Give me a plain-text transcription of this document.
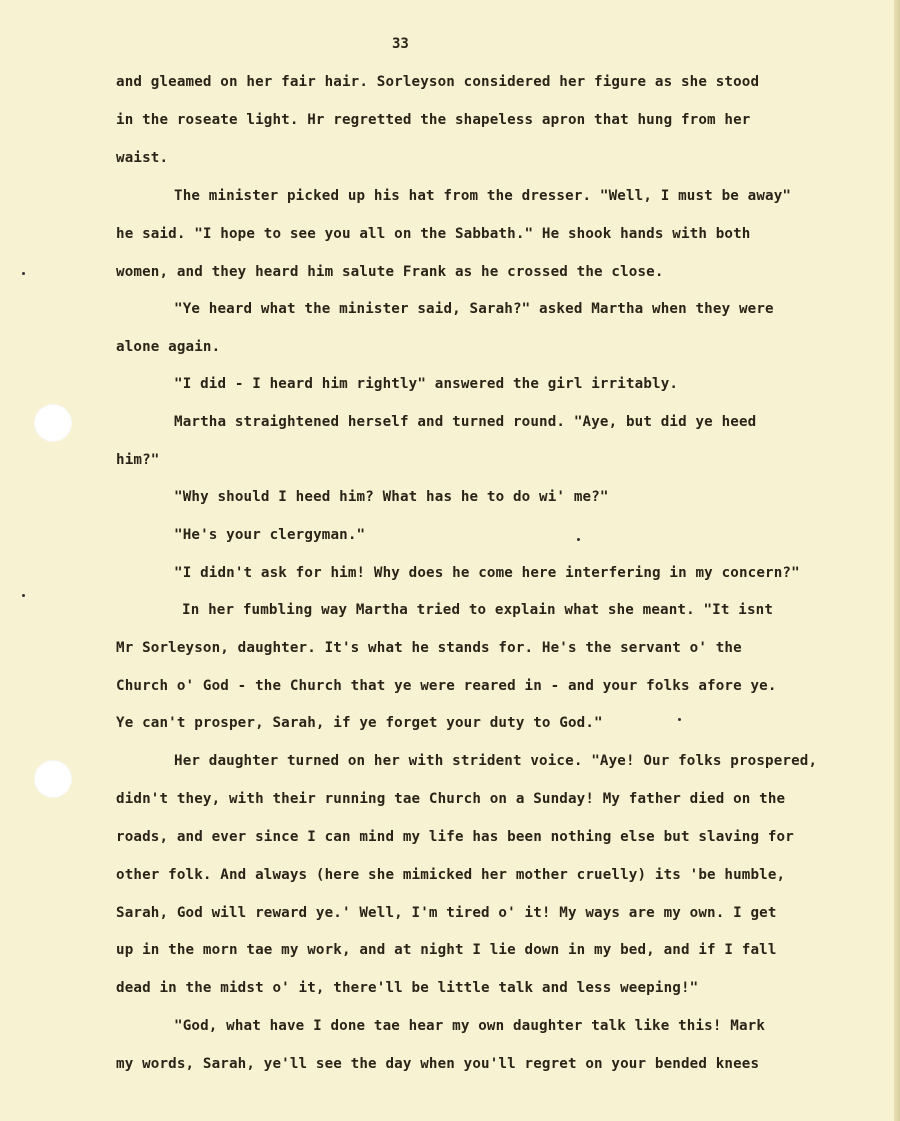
33
and gleamed on her fair hair. Sorleyson considered her figure as she stood
in the roseate light. Hr regretted the shapeless apron that hung from her
waist.
The minister picked up his hat from the dresser. "Well, I must be away"
he said. "I hope to see you all on the Sabbath." He shook hands with both
women, and they heard him salute Frank as he crossed the close.
"Ye heard what the minister said, Sarah?" asked Martha when they were
alone again.
"I did - I heard him rightly" answered the girl irritably.
Martha straightened herself and turned round. "Aye, but did ye heed
him?"
"Why should I heed him? What has he to do wi' me?"
"He's your clergyman."
"I didn't ask for him! Why does he come here interfering in my concern?"
In her fumbling way Martha tried to explain what she meant. "It isnt
Mr Sorleyson, daughter. It's what he stands for. He's the servant o' the
Church o' God - the Church that ye were reared in - and your folks afore ye.
Ye can't prosper, Sarah, if ye forget your duty to God."
Her daughter turned on her with strident voice. "Aye! Our folks prospered,
didn't they, with their running tae Church on a Sunday! My father died on the
roads, and ever since I can mind my life has been nothing else but slaving for
other folk. And always (here she mimicked her mother cruelly) its 'be humble,
Sarah, God will reward ye.' Well, I'm tired o' it! My ways are my own. I get
up in the morn tae my work, and at night I lie down in my bed, and if I fall
dead in the midst o' it, there'll be little talk and less weeping!"
"God, what have I done tae hear my own daughter talk like this! Mark
my words, Sarah, ye'll see the day when you'll regret on your bended knees
